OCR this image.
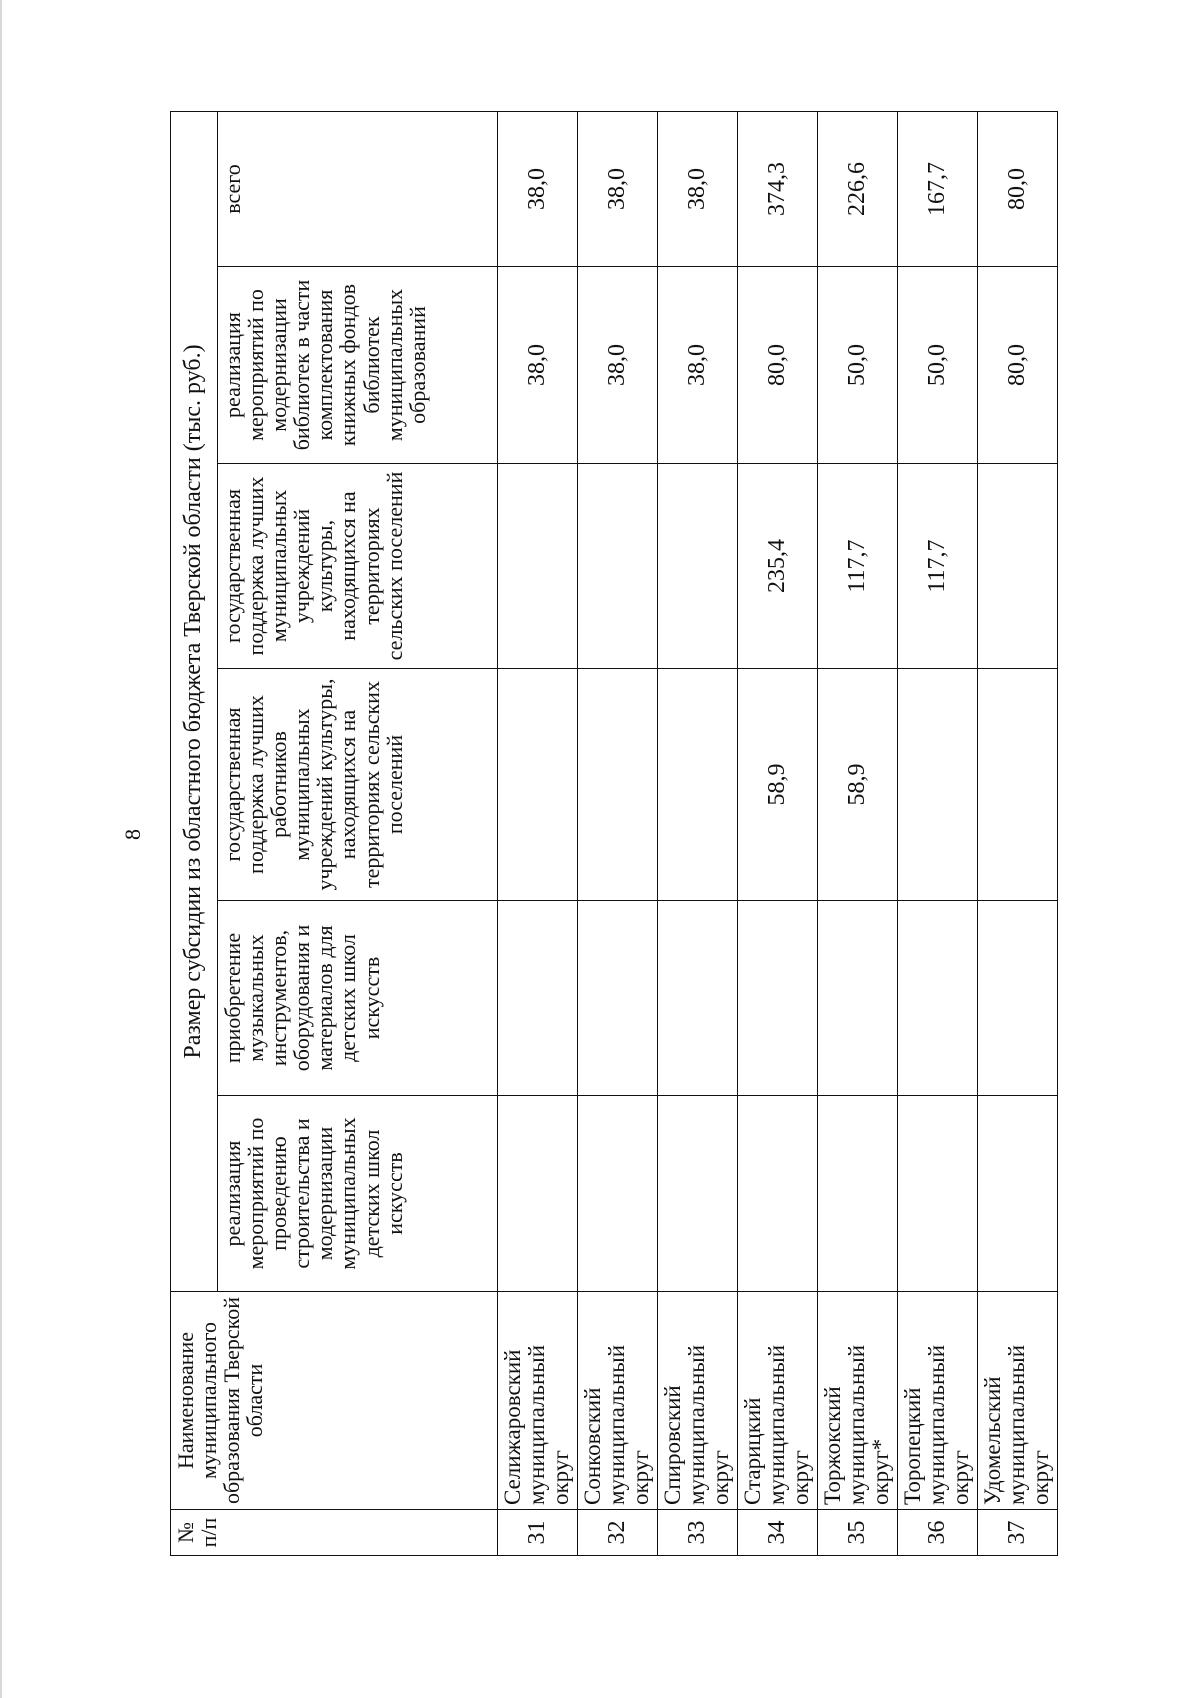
8
№ п/п	Наименование муниципального образования Тверской области	Размер субсидии из областного бюджета Тверской области (тыс. руб.)					
		реализация мероприятий по проведению строительства и модернизации муниципальных детских школ искусств	приобретение музыкальных инструментов, оборудования и материалов для детских школ искусств	государственная поддержка лучших работников муниципальных учреждений культуры, находящихся на территориях сельских поселений	государственная поддержка лучших муниципальных учреждений культуры, находящихся на территориях сельских поселений	реализация мероприятий по модернизации библиотек в части комплектования книжных фондов библиотек муниципальных образований	всего
31	Селижаровский муниципальный округ					38,0	38,0
32	Сонковский муниципальный округ					38,0	38,0
33	Спировский муниципальный округ					38,0	38,0
34	Старицкий муниципальный округ			58,9	235,4	80,0	374,3
35	Торжокский муниципальный округ*			58,9	117,7	50,0	226,6
36	Торопецкий муниципальный округ				117,7	50,0	167,7
37	Удомельский муниципальный округ					80,0	80,0
